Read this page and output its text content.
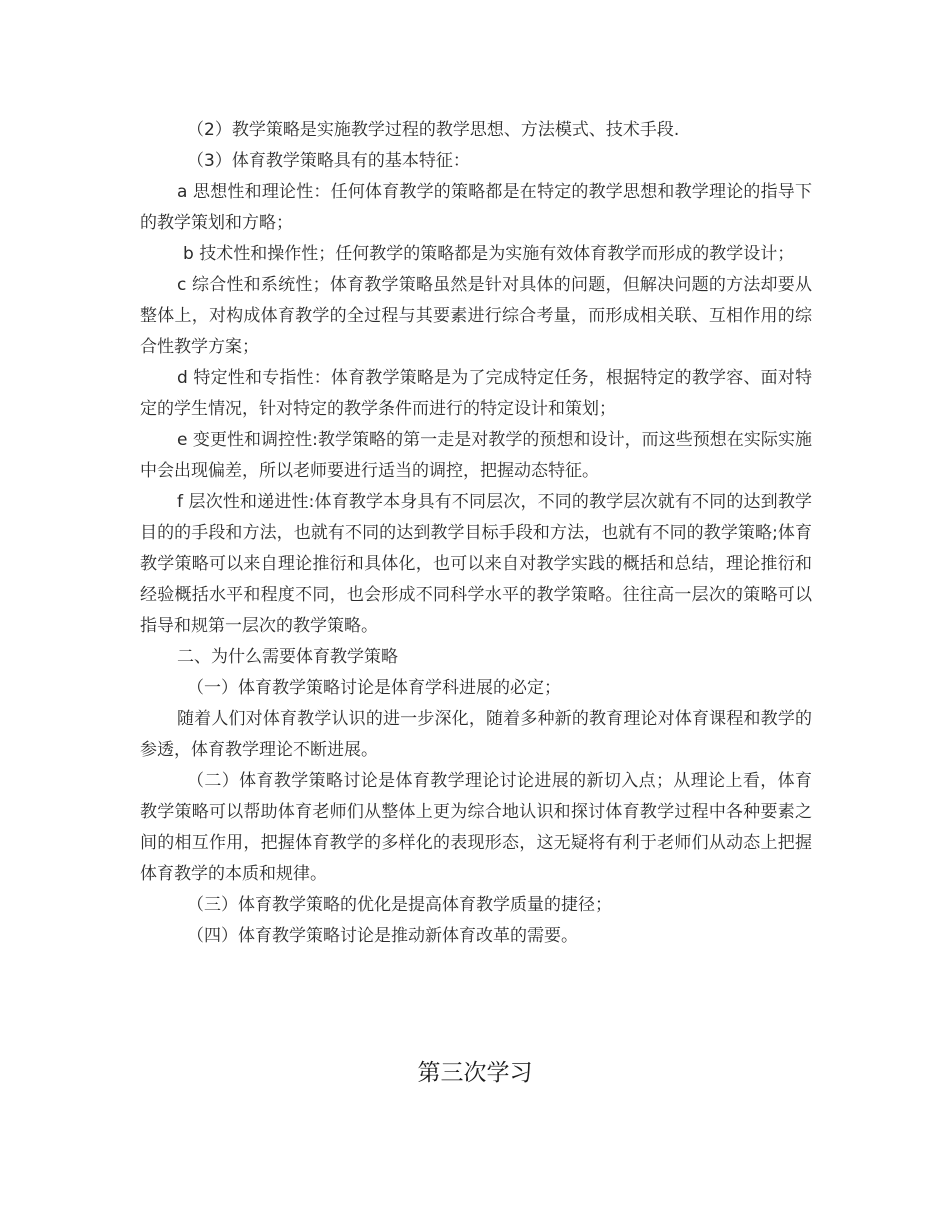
（2）教学策略是实施教学过程的教学思想、方法模式、技术手段.

（3）体育教学策略具有的基本特征：

a 思想性和理论性：任何体育教学的策略都是在特定的教学思想和教学理论的指导下的教学策划和方略；

b 技术性和操作性；任何教学的策略都是为实施有效体育教学而形成的教学设计；

c 综合性和系统性；体育教学策略虽然是针对具体的问题，但解决问题的方法却要从整体上，对构成体育教学的全过程与其要素进行综合考量，而形成相关联、互相作用的综合性教学方案；

d 特定性和专指性：体育教学策略是为了完成特定任务，根据特定的教学容、面对特定的学生情况，针对特定的教学条件而进行的特定设计和策划；

e 变更性和调控性:教学策略的第一走是对教学的预想和设计，而这些预想在实际实施中会出现偏差，所以老师要进行适当的调控，把握动态特征。

f 层次性和递进性:体育教学本身具有不同层次，不同的教学层次就有不同的达到教学目的的手段和方法，也就有不同的达到教学目标手段和方法，也就有不同的教学策略;体育教学策略可以来自理论推衍和具体化，也可以来自对教学实践的概括和总结，理论推衍和经验概括水平和程度不同，也会形成不同科学水平的教学策略。往往高一层次的策略可以指导和规第一层次的教学策略。

二、为什么需要体育教学策略

（一）体育教学策略讨论是体育学科进展的必定；

随着人们对体育教学认识的进一步深化，随着多种新的教育理论对体育课程和教学的参透，体育教学理论不断进展。

（二）体育教学策略讨论是体育教学理论讨论进展的新切入点；从理论上看，体育教学策略可以帮助体育老师们从整体上更为综合地认识和探讨体育教学过程中各种要素之间的相互作用，把握体育教学的多样化的表现形态，这无疑将有利于老师们从动态上把握体育教学的本质和规律。

（三）体育教学策略的优化是提高体育教学质量的捷径；

（四）体育教学策略讨论是推动新体育改革的需要。

第三次学习
